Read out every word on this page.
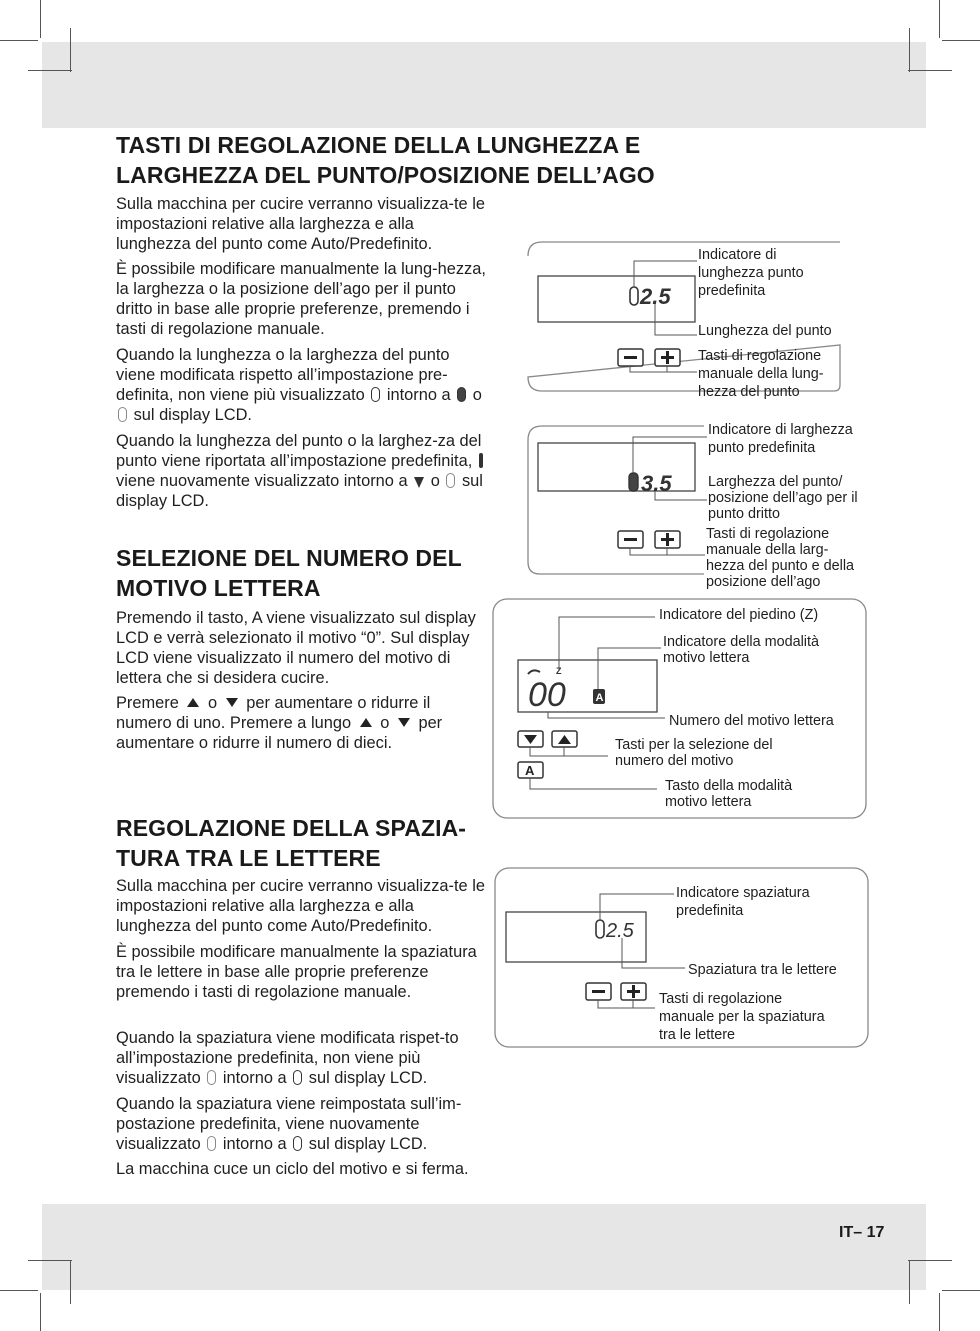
TASTI DI REGOLAZIONE DELLA LUNGHEZZA E
LARGHEZZA DEL PUNTO/POSIZIONE DELL’AGO

Sulla macchina per cucire verranno visualizza-te le impostazioni relative alla larghezza e alla lunghezza del punto come Auto/Predefinito.

È possibile modificare manualmente la lung-hezza, la larghezza o la posizione dell’ago per il punto dritto in base alle proprie preferenze, premendo i tasti di regolazione manuale.

Quando la lunghezza o la larghezza del punto viene modificata rispetto all’impostazione pre-definita, non viene più visualizzato intorno a o  sul display LCD.

Quando la lunghezza del punto o la larghez-za del punto viene riportata all’impostazione predefinita,  viene nuovamente visualizzato intorno a o sul display LCD.

SELEZIONE DEL NUMERO DEL
MOTIVO LETTERA

Premendo il tasto, A viene visualizzato sul display LCD e verrà selezionato il motivo “0”. Sul display LCD viene visualizzato il numero del motivo di lettera che si desidera cucire.

Premere o per aumentare o ridurre il numero di uno. Premere a lungo o per aumentare o ridurre il numero di dieci.

REGOLAZIONE DELLA SPAZIA-
TURA TRA LE LETTERE

Sulla macchina per cucire verranno visualizza-te le impostazioni relative alla larghezza e alla lunghezza del punto come Auto/Predefinito.

È possibile modificare manualmente la spaziatura tra le lettere in base alle proprie preferenze premendo i tasti di regolazione manuale.

Quando la spaziatura viene modificata rispet-to all’impostazione predefinita, non viene più visualizzato intorno a sul display LCD.

Quando la spaziatura viene reimpostata sull’im-postazione predefinita, viene nuovamente visualizzato intorno a sul display LCD.

La macchina cuce un ciclo del motivo e si ferma.

IT– 17
2.5
Indicatore di
lunghezza punto
predefinita
Lunghezza del punto
Tasti di regolazione
manuale della lung-
hezza del punto
3.5
Indicatore di larghezza
punto predefinita
Larghezza del punto/
posizione dell’ago per il
punto dritto
Tasti di regolazione
manuale della larg-
hezza del punto e della
posizione dell’ago
Z
00	A
A
Indicatore del piedino (Z)
Indicatore della modalità
motivo lettera
Numero del motivo lettera
Tasti per la selezione del
numero del motivo
Tasto della modalità
motivo lettera
2.5
Indicatore spaziatura
predefinita
Spaziatura tra le lettere
Tasti di regolazione
manuale per la spaziatura
tra le lettere
